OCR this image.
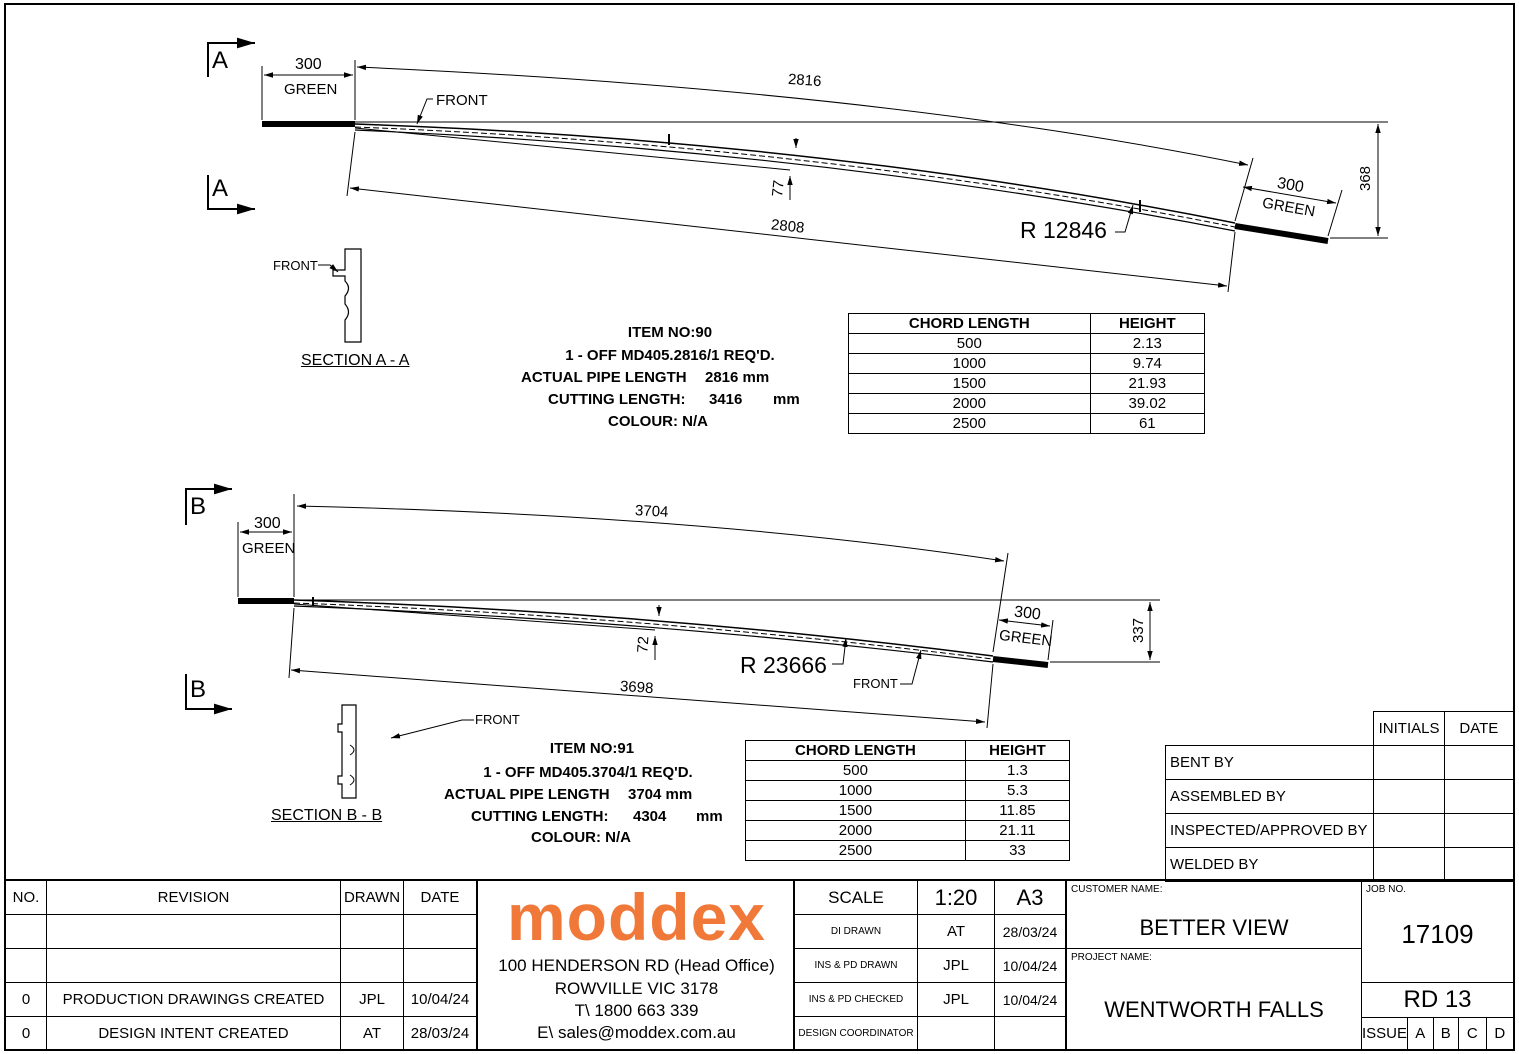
A
A
300
GREEN	2816
300
GREEN
2808
77	368
FRONT
R 12846
FRONT
SECTION A - A
ITEM NO:90
1 - OFF MD405.2816/1 REQ'D.
ACTUAL PIPE LENGTH 2816 mm
CUTTING LENGTH: 3416 mm
COLOUR: N/A
CHORD LENGTH	HEIGHT
500	2.13
1000	9.74
1500	21.93
2000	39.02
2500	61
B
B
300
GREEN
3704
300
GREEN
3698
72
337
FRONT
R 23666
FRONT
SECTION B - B
ITEM NO:91
1 - OFF MD405.3704/1 REQ'D.
ACTUAL PIPE LENGTH 3704 mm
CUTTING LENGTH: 4304 mm
COLOUR: N/A
CHORD LENGTH	HEIGHT
500	1.3
1000	5.3
1500	11.85
2000	21.11
2500	33
	INITIALS	DATE
BENT BY		
ASSEMBLED BY		
INSPECTED/APPROVED BY		
WELDED BY		
NO.	REVISION	DRAWN	DATE

0	PRODUCTION DRAWINGS CREATED	JPL	10/04/24
0	DESIGN INTENT CREATED	AT	28/03/24
moddex
100 HENDERSON RD (Head Office)
ROWVILLE VIC 3178
T\ 1800 663 339
E\ sales@moddex.com.au
SCALE	1:20	A3
DI DRAWN	AT	28/03/24
INS & PD DRAWN	JPL	10/04/24
INS & PD CHECKED	JPL	10/04/24
DESIGN COORDINATOR		
CUSTOMER NAME:
BETTER VIEW
PROJECT NAME:
WENTWORTH FALLS
JOB NO.
17109
RD 13
ISSUE	A	B	C	D
